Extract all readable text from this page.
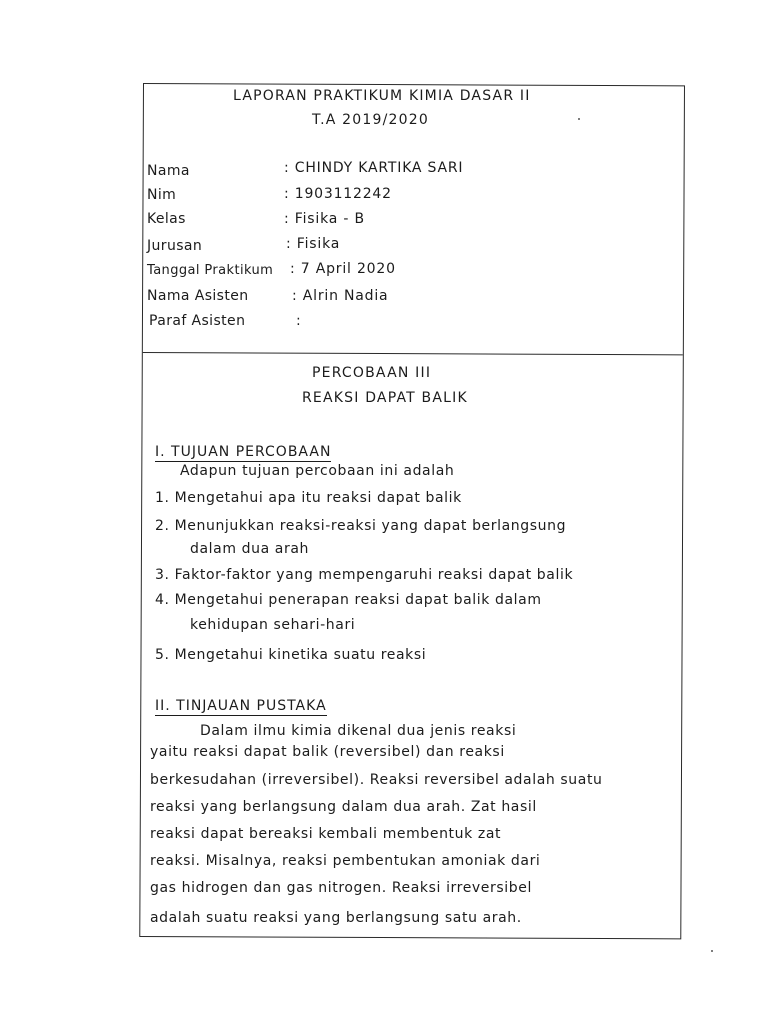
LAPORAN PRAKTIKUM KIMIA DASAR II
T.A 2019/2020
Nama	: CHINDY KARTIKA SARI
Nim	: 1903112242
Kelas	: Fisika - B
Jurusan	: Fisika
Tanggal Praktikum : 7 April 2020
Nama Asisten	: Alrin Nadia
Paraf Asisten	:
PERCOBAAN III
REAKSI DAPAT BALIK
I. TUJUAN PERCOBAAN
Adapun tujuan percobaan ini adalah
1. Mengetahui apa itu reaksi dapat balik
2. Menunjukkan reaksi-reaksi yang dapat berlangsung
dalam dua arah
3. Faktor-faktor yang mempengaruhi reaksi dapat balik
4. Mengetahui penerapan reaksi dapat balik dalam
kehidupan sehari-hari
5. Mengetahui kinetika suatu reaksi
II. TINJAUAN PUSTAKA
Dalam ilmu kimia dikenal dua jenis reaksi
yaitu reaksi dapat balik (reversibel) dan reaksi
berkesudahan (irreversibel). Reaksi reversibel adalah suatu
reaksi yang berlangsung dalam dua arah. Zat hasil
reaksi dapat bereaksi kembali membentuk zat
reaksi. Misalnya, reaksi pembentukan amoniak dari
gas hidrogen dan gas nitrogen. Reaksi irreversibel
adalah suatu reaksi yang berlangsung satu arah.
